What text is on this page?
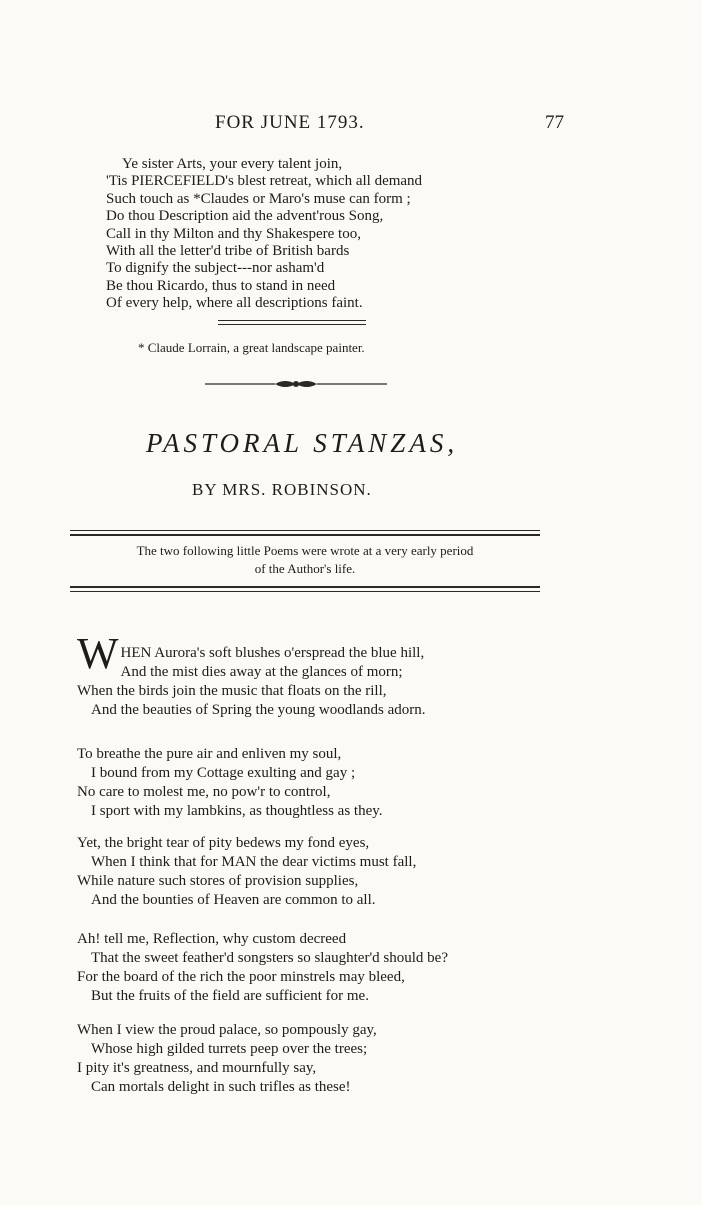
FOR JUNE 1793.	77
Ye sister Arts, your every talent join,
'Tis PIERCEFIELD's blest retreat, which all demand
Such touch as *Claudes or Maro's muse can form ;
Do thou Description aid the advent'rous Song,
Call in thy Milton and thy Shakespere too,
With all the letter'd tribe of British bards
To dignify the subject---nor asham'd
Be thou Ricardo, thus to stand in need
Of every help, where all descriptions faint.
* Claude Lorrain, a great landscape painter.
PASTORAL STANZAS,
BY MRS. ROBINSON.
The two following little Poems were wrote at a very early period
of the Author's life.
W HEN Aurora's soft blushes o'erspread the blue hill,
And the mist dies away at the glances of morn;
When the birds join the music that floats on the rill,
And the beauties of Spring the young woodlands adorn.
To breathe the pure air and enliven my soul,
I bound from my Cottage exulting and gay ;
No care to molest me, no pow'r to control,
I sport with my lambkins, as thoughtless as they.
Yet, the bright tear of pity bedews my fond eyes,
When I think that for MAN the dear victims must fall,
While nature such stores of provision supplies,
And the bounties of Heaven are common to all.
Ah! tell me, Reflection, why custom decreed
That the sweet feather'd songsters so slaughter'd should be?
For the board of the rich the poor minstrels may bleed,
But the fruits of the field are sufficient for me.
When I view the proud palace, so pompously gay,
Whose high gilded turrets peep over the trees;
I pity it's greatness, and mournfully say,
Can mortals delight in such trifles as these!
